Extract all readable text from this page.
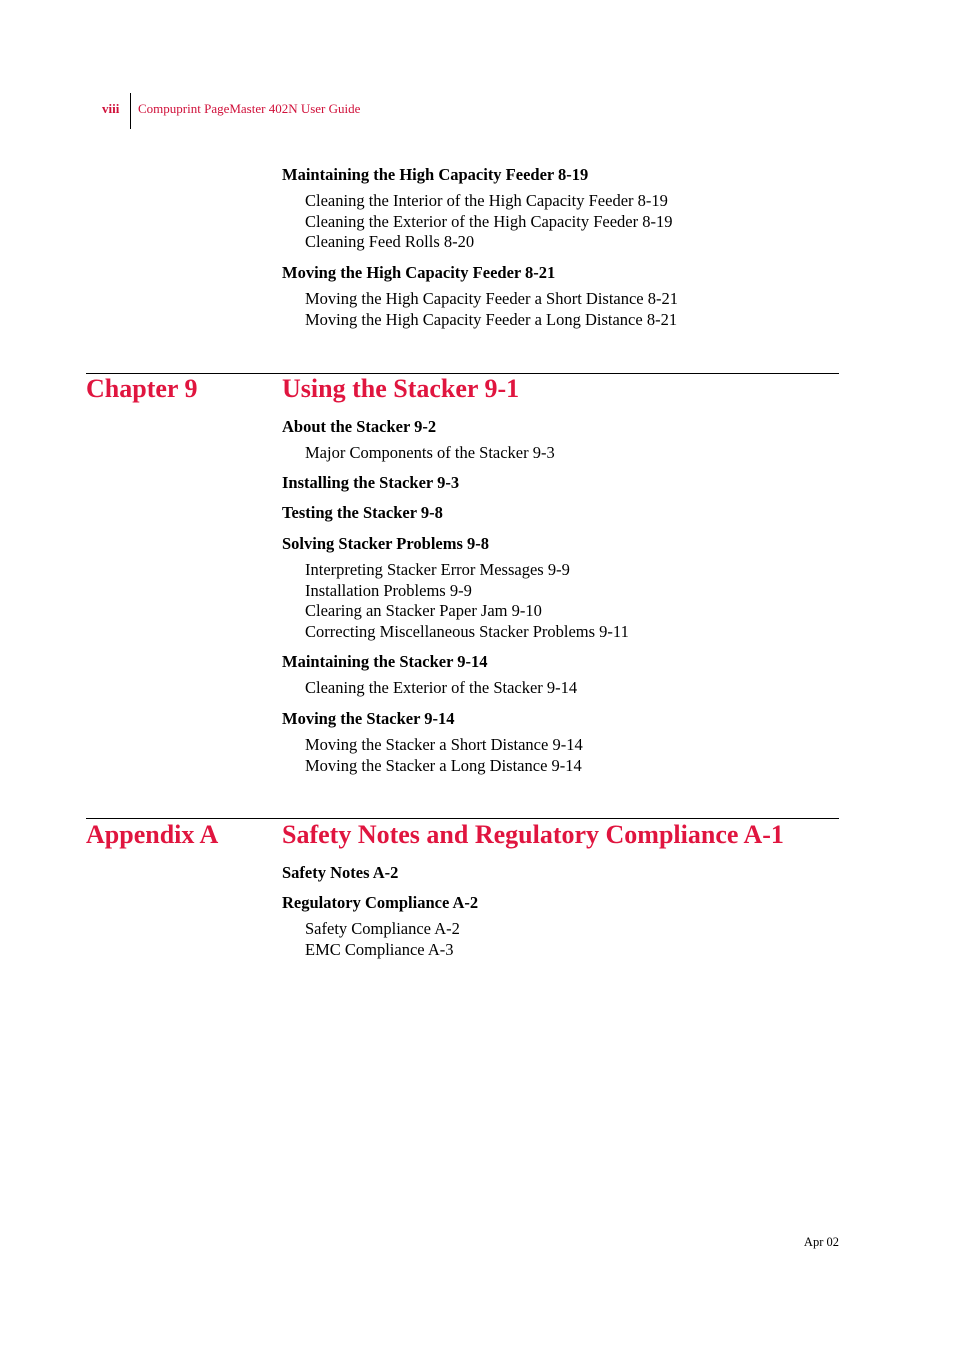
viii Compuprint PageMaster 402N User Guide
Maintaining the High Capacity Feeder 8-19
Cleaning the Interior of the High Capacity Feeder 8-19
Cleaning the Exterior of the High Capacity Feeder 8-19
Cleaning Feed Rolls 8-20
Moving the High Capacity Feeder 8-21
Moving the High Capacity Feeder a Short Distance 8-21
Moving the High Capacity Feeder a Long Distance 8-21
Chapter 9	Using the Stacker 9-1
About the Stacker 9-2
Major Components of the Stacker 9-3
Installing the Stacker 9-3
Testing the Stacker 9-8
Solving Stacker Problems 9-8
Interpreting Stacker Error Messages 9-9
Installation Problems 9-9
Clearing an Stacker Paper Jam 9-10
Correcting Miscellaneous Stacker Problems 9-11
Maintaining the Stacker 9-14
Cleaning the Exterior of the Stacker 9-14
Moving the Stacker 9-14
Moving the Stacker a Short Distance 9-14
Moving the Stacker a Long Distance 9-14
Appendix A Safety Notes and Regulatory Compliance A-1
Safety Notes A-2
Regulatory Compliance A-2
Safety Compliance A-2
EMC Compliance A-3
Apr 02
